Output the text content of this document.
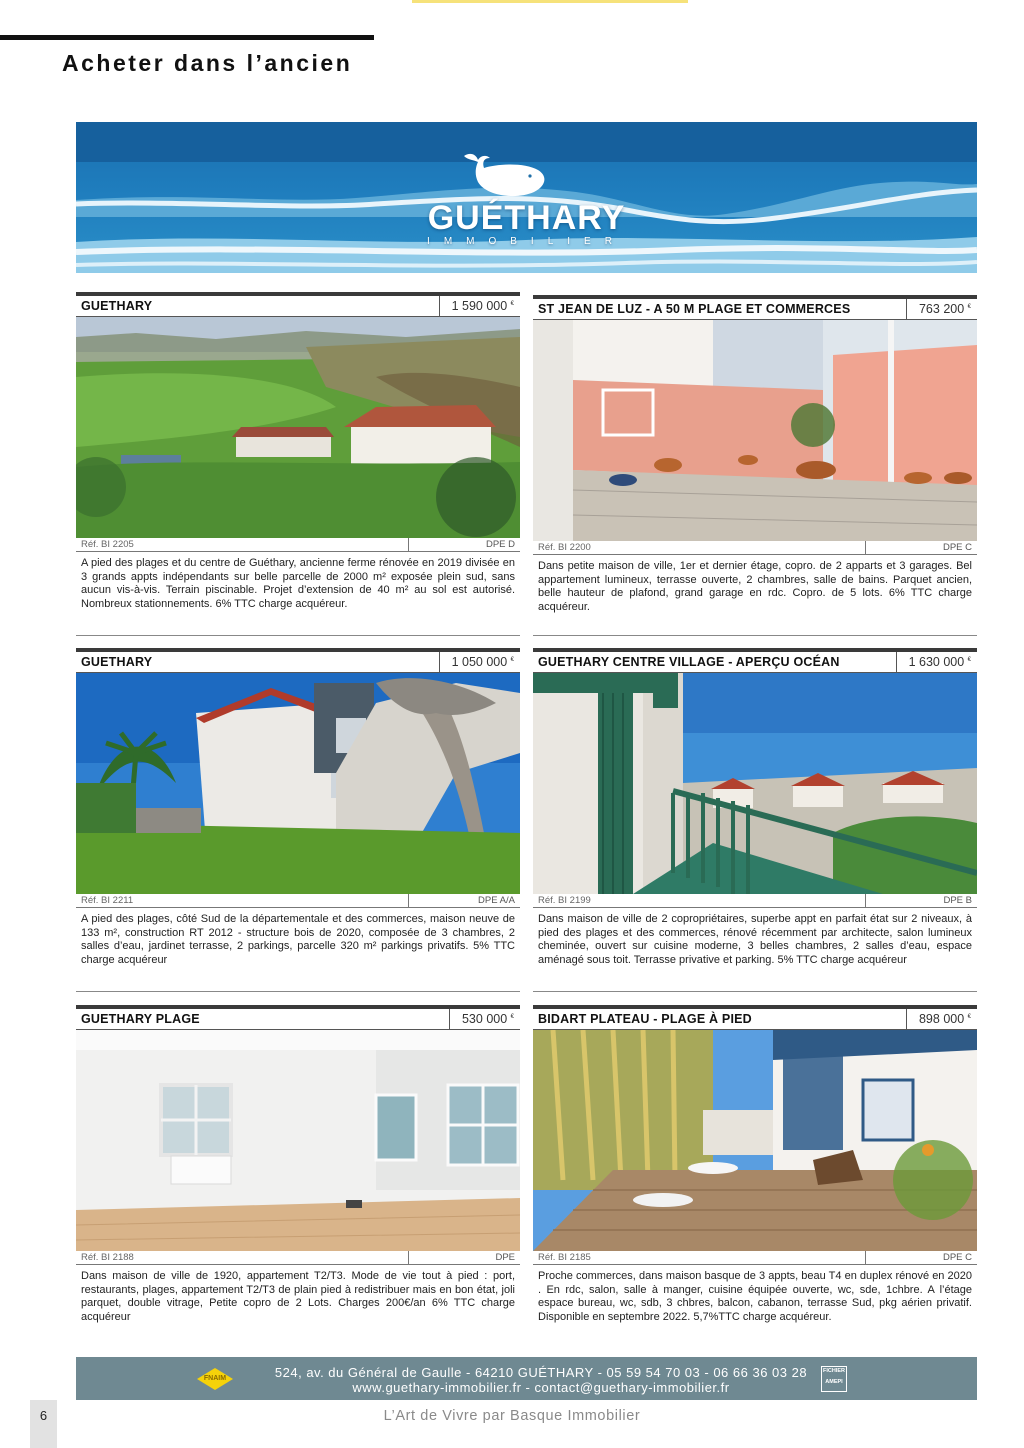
Acheter dans l’ancien
GUÉTHARY
IMMOBILIER
GUETHARY	1 590 000 €
Réf. BI 2205	DPE D

A pied des plages et du centre de Guéthary, ancienne ferme rénovée en 2019 divisée en 3 grands appts indépendants sur belle parcelle de 2000 m² exposée plein sud, sans aucun vis-à-vis. Terrain piscinable. Projet d’extension de 40 m² au sol est autorisé. Nombreux stationnements. 6% TTC charge acquéreur.

ST JEAN DE LUZ - A 50 M PLAGE ET COMMERCES	763 200 €
Réf. BI 2200	DPE C

Dans petite maison de ville, 1er et dernier étage, copro. de 2 apparts et 3 garages. Bel appartement lumineux, terrasse ouverte, 2 chambres, salle de bains. Parquet ancien, belle hauteur de plafond, grand garage en rdc. Copro. de 5 lots. 6% TTC charge acquéreur.

GUETHARY	1 050 000 €
Réf. BI 2211	DPE A/A

A pied des plages, côté Sud de la départementale et des commerces, maison neuve de 133 m², construction RT 2012 - structure bois de 2020, composée de 3 chambres, 2 salles d’eau, jardinet terrasse, 2 parkings, parcelle 320 m² parkings privatifs. 5% TTC charge acquéreur

GUETHARY CENTRE VILLAGE - APERÇU OCÉAN	1 630 000 €
Réf. BI 2199	DPE B

Dans maison de ville de 2 copropriétaires, superbe appt en parfait état sur 2 niveaux, à pied des plages et des commerces, rénové récemment par architecte, salon lumineux cheminée, ouvert sur cuisine moderne, 3 belles chambres, 2 salles d’eau, espace aménagé sous toit. Terrasse privative et parking. 5% TTC charge acquéreur

GUETHARY PLAGE	530 000 €
Réf. BI 2188	DPE

Dans maison de ville de 1920, appartement T2/T3. Mode de vie tout à pied : port, restaurants, plages, appartement T2/T3 de plain pied à redistribuer mais en bon état, joli parquet, double vitrage, Petite copro de 2 Lots. Charges 200€/an 6% TTC charge acquéreur

BIDART PLATEAU - PLAGE À PIED	898 000 €
Réf. BI 2185	DPE C

Proche commerces, dans maison basque de 3 appts, beau T4 en duplex rénové en 2020 . En rdc, salon, salle à manger, cuisine équipée ouverte, wc, sde, 1chbre. A l’étage espace bureau, wc, sdb, 3 chbres, balcon, cabanon, terrasse Sud, pkg aérien privatif. Disponible en septembre 2022. 5,7%TTC charge acquéreur.

FNAIM	524, av. du Général de Gaulle - 64210 GUÉTHARY - 05 59 54 70 03 - 06 66 36 03 28
www.guethary-immobilier.fr - contact@guethary-immobilier.fr
FICHIER
AMEPI
6	L’Art de Vivre par Basque Immobilier
